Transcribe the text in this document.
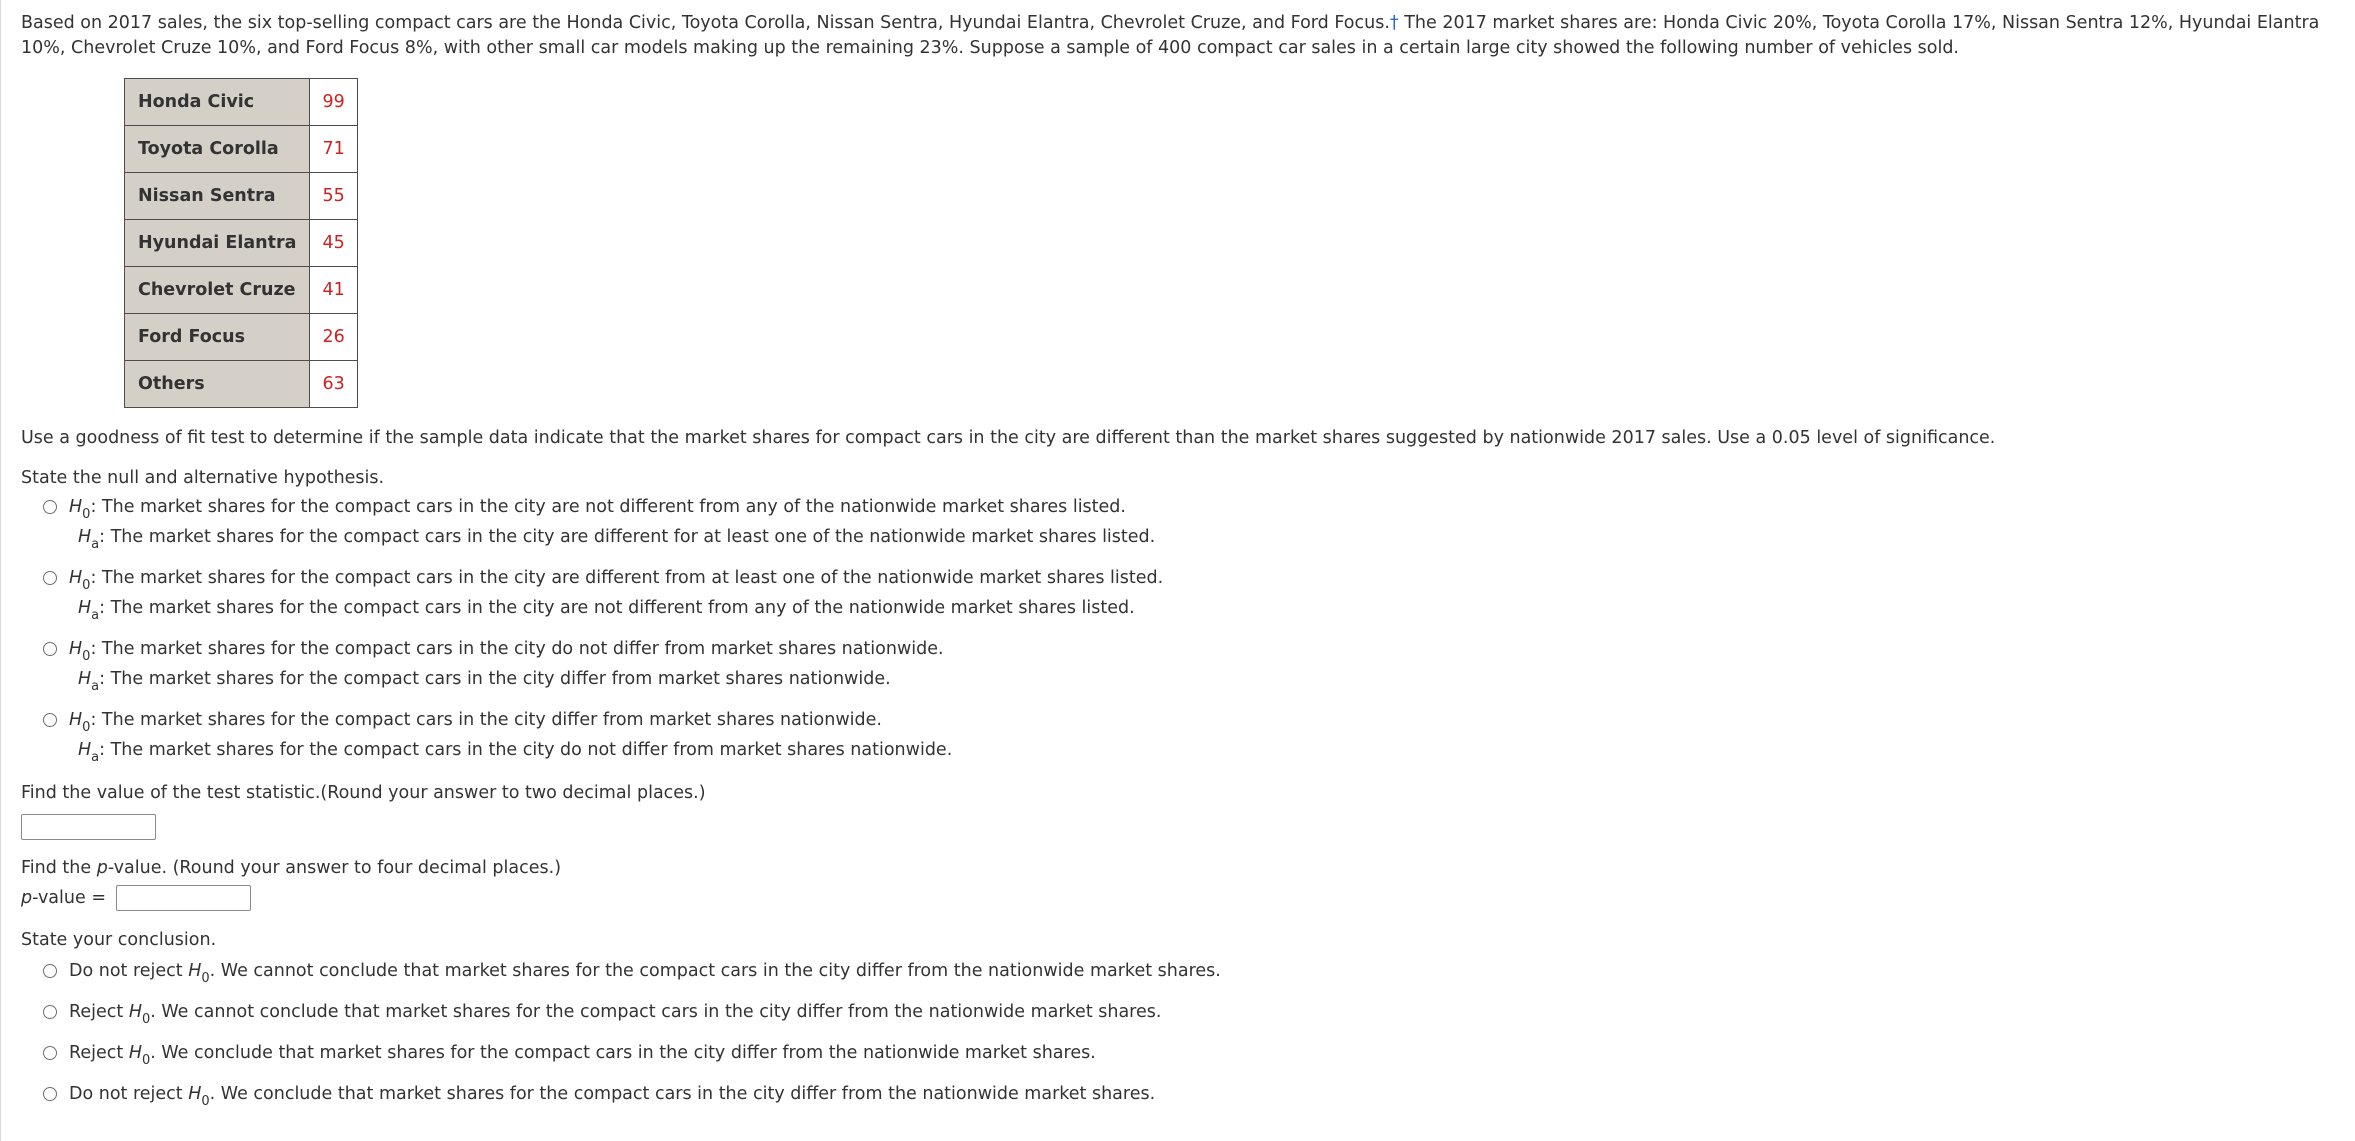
Based on 2017 sales, the six top-selling compact cars are the Honda Civic, Toyota Corolla, Nissan Sentra, Hyundai Elantra, Chevrolet Cruze, and Ford Focus.† The 2017 market shares are: Honda Civic 20%, Toyota Corolla 17%, Nissan Sentra 12%, Hyundai Elantra 10%, Chevrolet Cruze 10%, and Ford Focus 8%, with other small car models making up the remaining 23%. Suppose a sample of 400 compact car sales in a certain large city showed the following number of vehicles sold.

Honda Civic	99
Toyota Corolla	71
Nissan Sentra	55
Hyundai Elantra	45
Chevrolet Cruze	41
Ford Focus	26
Others	63

Use a goodness of fit test to determine if the sample data indicate that the market shares for compact cars in the city are different than the market shares suggested by nationwide 2017 sales. Use a 0.05 level of significance.

State the null and alternative hypothesis.

$H_0$: The market shares for the compact cars in the city are not different from any of the nationwide market shares listed.
$H_a$: The market shares for the compact cars in the city are different for at least one of the nationwide market shares listed.
$H_0$: The market shares for the compact cars in the city are different from at least one of the nationwide market shares listed.
$H_a$: The market shares for the compact cars in the city are not different from any of the nationwide market shares listed.
$H_0$: The market shares for the compact cars in the city do not differ from market shares nationwide.
$H_a$: The market shares for the compact cars in the city differ from market shares nationwide.
$H_0$: The market shares for the compact cars in the city differ from market shares nationwide.
$H_a$: The market shares for the compact cars in the city do not differ from market shares nationwide.

Find the value of the test statistic.(Round your answer to two decimal places.)

Find the p-value. (Round your answer to four decimal places.)

p-value =

State your conclusion.

Do not reject $H_0$. We cannot conclude that market shares for the compact cars in the city differ from the nationwide market shares.
Reject $H_0$. We cannot conclude that market shares for the compact cars in the city differ from the nationwide market shares.
Reject $H_0$. We conclude that market shares for the compact cars in the city differ from the nationwide market shares.
Do not reject $H_0$. We conclude that market shares for the compact cars in the city differ from the nationwide market shares.
